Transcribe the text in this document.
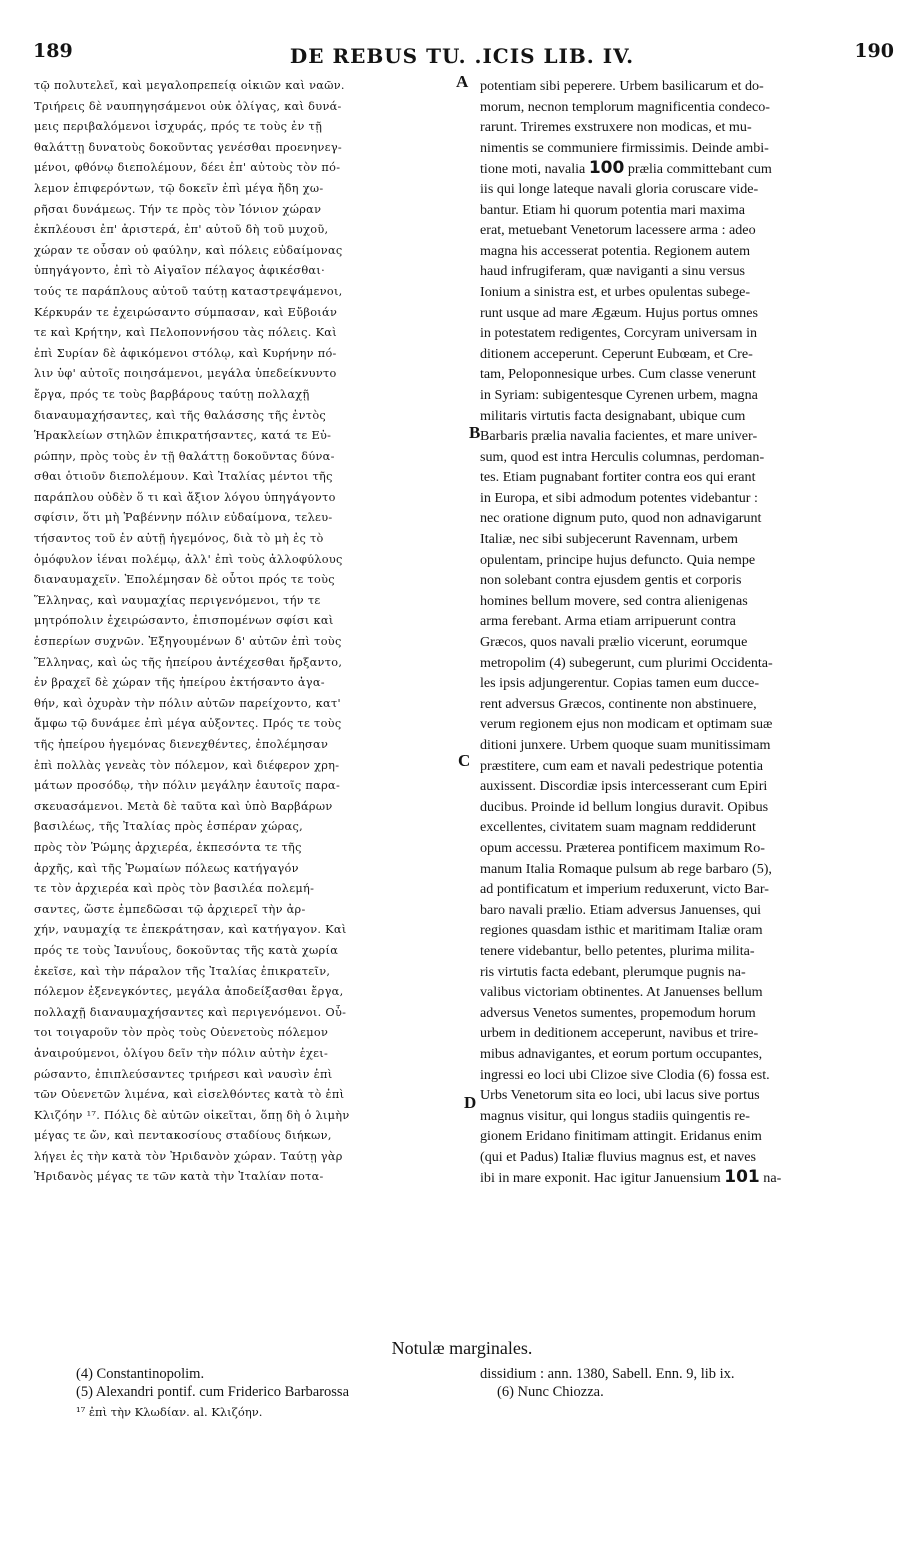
189	DE REBUS TU. .ICIS LIB. IV.	190
τῷ πολυτελεῖ, καὶ μεγαλοπρεπείᾳ οἰκιῶν καὶ ναῶν.
Τριήρεις δὲ ναυπηγησάμενοι οὐκ ὀλίγας, καὶ δυνά-
μεις περιβαλόμενοι ἰσχυράς, πρός τε τοὺς ἐν τῇ
θαλάττῃ δυνατοὺς δοκοῦντας γενέσθαι προενηνεγ-
μένοι, φθόνῳ διεπολέμουν, δέει ἐπ' αὐτοὺς τὸν πό-
λεμον ἐπιφερόντων, τῷ δοκεῖν ἐπὶ μέγα ἤδη χω-
ρῆσαι δυνάμεως. Τήν τε πρὸς τὸν Ἰόνιον χώραν
ἐκπλέουσι ἐπ' ἀριστερά, ἐπ' αὐτοῦ δὴ τοῦ μυχοῦ,
χώραν τε οὖσαν οὐ φαύλην, καὶ πόλεις εὐδαίμονας
ὑπηγάγοντο, ἐπὶ τὸ Αἰγαῖον πέλαγος ἀφικέσθαι·
τούς τε παράπλους αὐτοῦ ταύτῃ καταστρεψάμενοι,
Κέρκυράν τε ἐχειρώσαντο σύμπασαν, καὶ Εὔβοιάν
τε καὶ Κρήτην, καὶ Πελοποννήσου τὰς πόλεις. Καὶ
ἐπὶ Συρίαν δὲ ἀφικόμενοι στόλῳ, καὶ Κυρήνην πό-
λιν ὑφ' αὐτοῖς ποιησάμενοι, μεγάλα ὑπεδείκνυντο
ἔργα, πρός τε τοὺς βαρβάρους ταύτῃ πολλαχῇ
διαναυμαχήσαντες, καὶ τῆς θαλάσσης τῆς ἐντὸς
Ἡρακλείων στηλῶν ἐπικρατήσαντες, κατά τε Εὐ-
ρώπην, πρὸς τοὺς ἐν τῇ θαλάττῃ δοκοῦντας δύνα-
σθαι ὁτιοῦν διεπολέμουν. Καὶ Ἰταλίας μέντοι τῆς
παράπλου οὐδὲν ὅ τι καὶ ἄξιον λόγου ὑπηγάγοντο
σφίσιν, ὅτι μὴ Ῥαβέννην πόλιν εὐδαίμονα, τελευ-
τήσαντος τοῦ ἐν αὐτῇ ἡγεμόνος, διὰ τὸ μὴ ἐς τὸ
ὁμόφυλον ἰέναι πολέμῳ, ἀλλ' ἐπὶ τοὺς ἀλλοφύλους
διαναυμαχεῖν. Ἐπολέμησαν δὲ οὗτοι πρός τε τοὺς
Ἕλληνας, καὶ ναυμαχίας περιγενόμενοι, τήν τε
μητρόπολιν ἐχειρώσαντο, ἐπισπομένων σφίσι καὶ
ἑσπερίων συχνῶν. Ἐξηγουμένων δ' αὐτῶν ἐπὶ τοὺς
Ἕλληνας, καὶ ὡς τῆς ἠπείρου ἀντέχεσθαι ἤρξαντο,
ἐν βραχεῖ δὲ χώραν τῆς ἠπείρου ἐκτήσαντο ἀγα-
θήν, καὶ ὀχυρὰν τὴν πόλιν αὐτῶν παρείχοντο, κατ'
ἄμφω τῷ δυνάμεε ἐπὶ μέγα αὐξοντες. Πρός τε τοὺς
τῆς ἠπείρου ἡγεμόνας διενεχθέντες, ἐπολέμησαν
ἐπὶ πολλὰς γενεὰς τὸν πόλεμον, καὶ διέφερον χρη-
μάτων προσόδῳ, τὴν πόλιν μεγάλην ἑαυτοῖς παρα-
σκευασάμενοι. Μετὰ δὲ ταῦτα καὶ ὑπὸ Βαρβάρων
βασιλέως, τῆς Ἰταλίας πρὸς ἑσπέραν χώρας,
πρὸς τὸν Ῥώμης ἀρχιερέα, ἐκπεσόντα τε τῆς
ἀρχῆς, καὶ τῆς Ῥωμαίων πόλεως κατήγαγόν
τε τὸν ἀρχιερέα καὶ πρὸς τὸν βασιλέα πολεμή-
σαντες, ὥστε ἐμπεδῶσαι τῷ ἀρχιερεῖ τὴν ἀρ-
χήν, ναυμαχίᾳ τε ἐπεκράτησαν, καὶ κατήγαγον. Καὶ
πρός τε τοὺς Ἰανυΐους, δοκοῦντας τῆς κατὰ χωρία
ἐκεῖσε, καὶ τὴν πάραλον τῆς Ἰταλίας ἐπικρατεῖν,
πόλεμον ἐξενεγκόντες, μεγάλα ἀποδείξασθαι ἔργα,
πολλαχῇ διαναυμαχήσαντες καὶ περιγενόμενοι. Οὗ-
τοι τοιγαροῦν τὸν πρὸς τοὺς Οὐενετοὺς πόλεμον
ἀναιρούμενοι, ὀλίγου δεῖν τὴν πόλιν αὐτὴν ἐχει-
ρώσαντο, ἐπιπλεύσαντες τριήρεσι καὶ ναυσὶν ἐπὶ
τῶν Οὐενετῶν λιμένα, καὶ εἰσελθόντες κατὰ τὸ ἐπὶ
Κλιζόην ¹⁷. Πόλις δὲ αὐτῶν οἰκεῖται, ὅπῃ δὴ ὁ λιμὴν
μέγας τε ὤν, καὶ πεντακοσίους σταδίους διήκων,
λήγει ἐς τὴν κατὰ τὸν Ἠριδανὸν χώραν. Ταύτῃ γὰρ
Ἠριδανὸς μέγας τε τῶν κατὰ τὴν Ἰταλίαν ποτα-
potentiam sibi peperere. Urbem basilicarum et do-
morum, necnon templorum magnificentia condeco-
rarunt. Triremes exstruxere non modicas, et mu-
nimentis se communiere firmissimis. Deinde ambi-
tione moti, navalia 100 prælia committebant cum
iis qui longe lateque navali gloria coruscare vide-
bantur. Etiam hi quorum potentia mari maxima
erat, metuebant Venetorum lacessere arma : adeo
magna his accesserat potentia. Regionem autem
haud infrugiferam, quæ naviganti a sinu versus
Ionium a sinistra est, et urbes opulentas subege-
runt usque ad mare Ægæum. Hujus portus omnes
in potestatem redigentes, Corcyram universam in
ditionem acceperunt. Ceperunt Eubœam, et Cre-
tam, Peloponnesique urbes. Cum classe venerunt
in Syriam: subigentesque Cyrenen urbem, magna
militaris virtutis facta designabant, ubique cum
Barbaris prælia navalia facientes, et mare univer-
sum, quod est intra Herculis columnas, perdoman-
tes. Etiam pugnabant fortiter contra eos qui erant
in Europa, et sibi admodum potentes videbantur :
nec oratione dignum puto, quod non adnavigarunt
Italiæ, nec sibi subjecerunt Ravennam, urbem
opulentam, principe hujus defuncto. Quia nempe
non solebant contra ejusdem gentis et corporis
homines bellum movere, sed contra alienigenas
arma ferebant. Arma etiam arripuerunt contra
Græcos, quos navali prælio vicerunt, eorumque
metropolim (4) subegerunt, cum plurimi Occidenta-
les ipsis adjungerentur. Copias tamen eum ducce-
rent adversus Græcos, continente non abstinuere,
verum regionem ejus non modicam et optimam suæ
ditioni junxere. Urbem quoque suam munitissimam
præstitere, cum eam et navali pedestrique potentia
auxissent. Discordiæ ipsis intercesserant cum Epiri
ducibus. Proinde id bellum longius duravit. Opibus
excellentes, civitatem suam magnam reddiderunt
opum accessu. Præterea pontificem maximum Ro-
manum Italia Romaque pulsum ab rege barbaro (5),
ad pontificatum et imperium reduxerunt, victo Bar-
baro navali prælio. Etiam adversus Januenses, qui
regiones quasdam isthic et maritimam Italiæ oram
tenere videbantur, bello petentes, plurima milita-
ris virtutis facta edebant, plerumque pugnis na-
valibus victoriam obtinentes. At Januenses bellum
adversus Venetos sumentes, propemodum horum
urbem in deditionem acceperunt, navibus et trire-
mibus adnavigantes, et eorum portum occupantes,
ingressi eo loci ubi Clizoe sive Clodia (6) fossa est.
Urbs Venetorum sita eo loci, ubi lacus sive portus
magnus visitur, qui longus stadiis quingentis re-
gionem Eridano finitimam attingit. Eridanus enim
(qui et Padus) Italiæ fluvius magnus est, et naves
ibi in mare exponit. Hac igitur Januensium 101 na-
A
B
C
D
Notulæ marginales.
(4) Constantinopolim.
(5) Alexandri pontif. cum Friderico Barbarossa
¹⁷ ἐπὶ τὴν Κλωδίαν. al. Κλιζόην.
dissidium : ann. 1380, Sabell. Enn. 9, lib ix.
(6) Nunc Chiozza.
